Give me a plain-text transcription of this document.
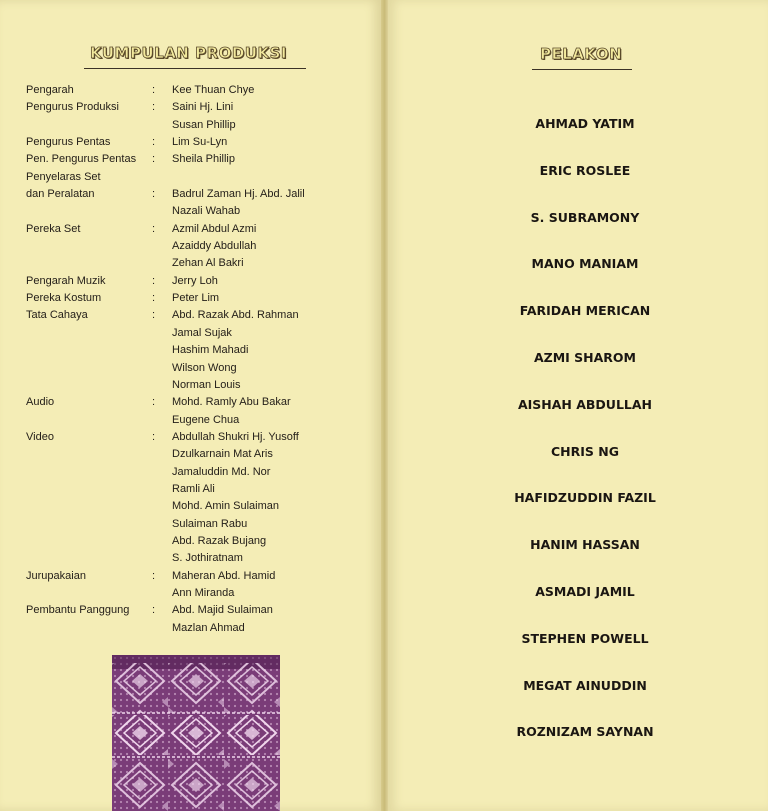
KUMPULAN PRODUKSI
Pengarah	:	Kee Thuan Chye
Pengurus Produksi	:	Saini Hj. Lini
Susan Phillip
Pengurus Pentas	:	Lim Su-Lyn
Pen. Pengurus Pentas	:	Sheila Phillip
Penyelaras Set
dan Peralatan	:	Badrul Zaman Hj. Abd. Jalil
Nazali Wahab
Pereka Set	:	Azmil Abdul Azmi
Azaiddy Abdullah
Zehan Al Bakri
Pengarah Muzik	:	Jerry Loh
Pereka Kostum	:	Peter Lim
Tata Cahaya	:	Abd. Razak Abd. Rahman
Jamal Sujak
Hashim Mahadi
Wilson Wong
Norman Louis
Audio	:	Mohd. Ramly Abu Bakar
Eugene Chua
Video	:	Abdullah Shukri Hj. Yusoff
Dzulkarnain Mat Aris
Jamaluddin Md. Nor
Ramli Ali
Mohd. Amin Sulaiman
Sulaiman Rabu
Abd. Razak Bujang
S. Jothiratnam
Jurupakaian	:	Maheran Abd. Hamid
Ann Miranda
Pembantu Panggung	:	Abd. Majid Sulaiman
Mazlan Ahmad
PELAKON
AHMAD YATIM
ERIC ROSLEE
S. SUBRAMONY
MANO MANIAM
FARIDAH MERICAN
AZMI SHAROM
AISHAH ABDULLAH
CHRIS NG
HAFIDZUDDIN FAZIL
HANIM HASSAN
ASMADI JAMIL
STEPHEN POWELL
MEGAT AINUDDIN
ROZNIZAM SAYNAN
